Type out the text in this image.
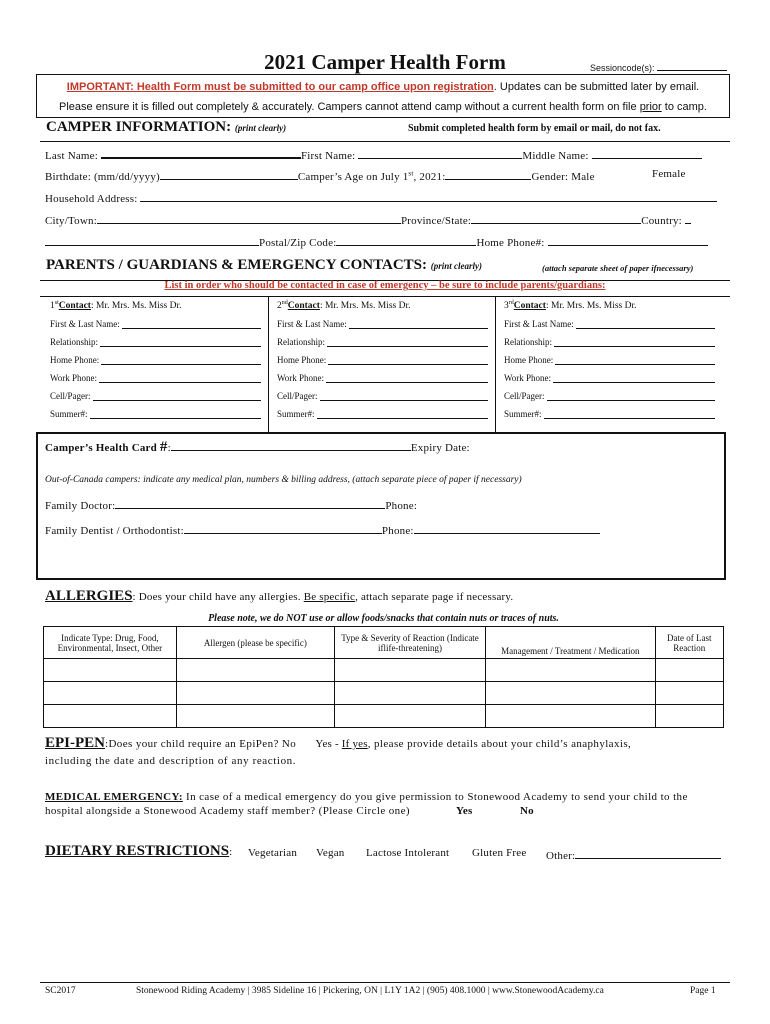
2021 Camper Health Form	Sessioncode(s):
IMPORTANT: Health Form must be submitted to our camp office upon registration. Updates can be submitted later by email.
Please ensure it is filled out completely & accurately. Campers cannot attend camp without a current health form on file prior to camp.
CAMPER INFORMATION: (print clearly)	Submit completed health form by email or mail, do not fax.
Last Name:	First Name:	Middle Name:
Birthdate: (mm/dd/yyyy)	Camper’s Age on July 1st, 2021:	Gender: Male	Female
Household Address:
City/Town:	Province/State:	Country:
Postal/Zip Code:	Home Phone#:
PARENTS / GUARDIANS & EMERGENCY CONTACTS: (print clearly)	(attach separate sheet of paper ifnecessary)
List in order who should be contacted in case of emergency – be sure to include parents/guardians:
1stContact: Mr. Mrs. Ms. Miss Dr.
First & Last Name:
Relationship:
Home Phone:
Work Phone:
Cell/Pager:
Summer#:
2ndContact: Mr. Mrs. Ms. Miss Dr.
First & Last Name:
Relationship:
Home Phone:
Work Phone:
Cell/Pager:
Summer#:
3rdContact: Mr. Mrs. Ms. Miss Dr.
First & Last Name:
Relationship:
Home Phone:
Work Phone:
Cell/Pager:
Summer#:
Camper’s Health Card #:	Expiry Date:
Out-of-Canada campers: indicate any medical plan, numbers & billing address, (attach separate piece of paper if necessary)
Family Doctor:	Phone:
Family Dentist / Orthodontist:	Phone:
ALLERGIES: Does your child have any allergies. Be specific, attach separate page if necessary.
Please note, we do NOT use or allow foods/snacks that contain nuts or traces of nuts.
Indicate Type: Drug, Food, Environmental, Insect, Other	Allergen (please be specific)	Type & Severity of Reaction (Indicate iflife-threatening)	Management / Treatment / Medication	Date of Last Reaction

EPI-PEN:Does your child require an EpiPen? No Yes - If yes, please provide details about your child’s anaphylaxis,
including the date and description of any reaction.
MEDICAL EMERGENCY: In case of a medical emergency do you give permission to Stonewood Academy to send your child to the
hospital alongside a Stonewood Academy staff member? (Please Circle one)	Yes	No
DIETARY RESTRICTIONS: Vegetarian Vegan Lactose Intolerant Gluten Free Other:
SC2017	Stonewood Riding Academy | 3985 Sideline 16 | Pickering, ON | L1Y 1A2 | (905) 408.1000 | www.StonewoodAcademy.ca	Page 1
